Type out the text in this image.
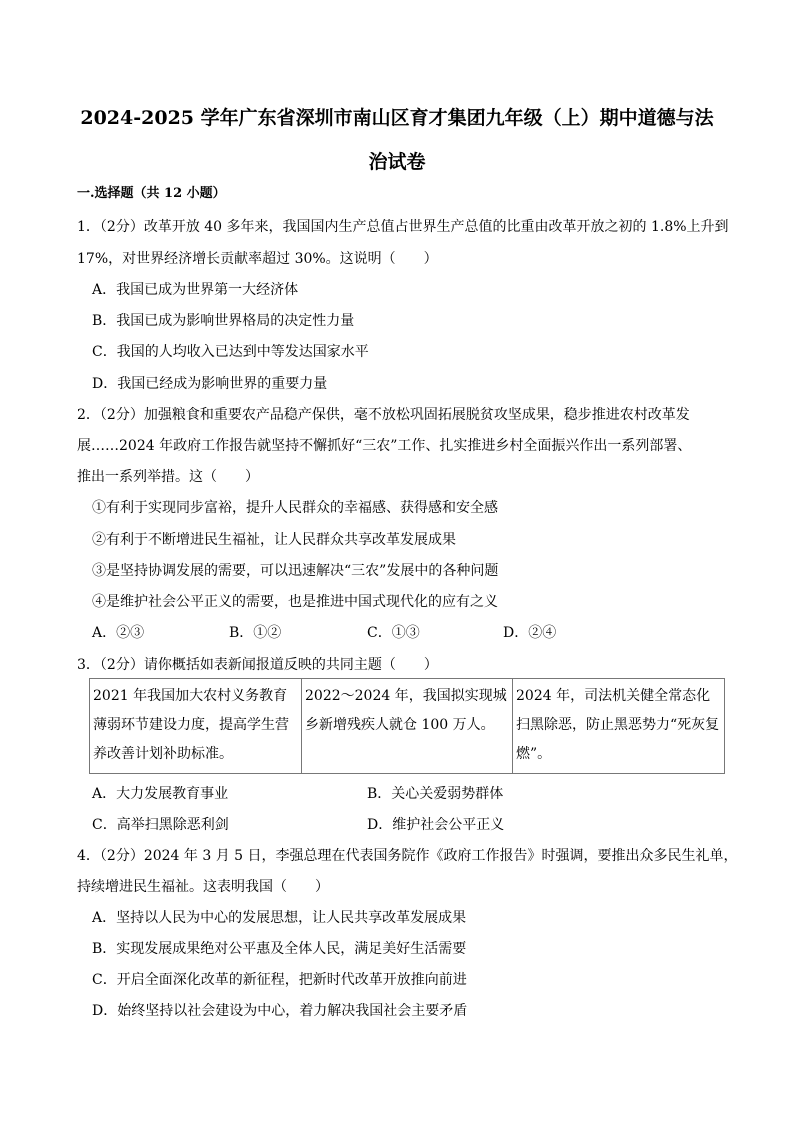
2024-2025 学年广东省深圳市南山区育才集团九年级（上）期中道德与法
治试卷
一.选择题（共 12 小题）
1．（2分）改革开放 40 多年来，我国国内生产总值占世界生产总值的比重由改革开放之初的 1.8%上升到
17%，对世界经济增长贡献率超过 30%。这说明（　　）
A．我国已成为世界第一大经济体
B．我国已成为影响世界格局的决定性力量
C．我国的人均收入已达到中等发达国家水平
D．我国已经成为影响世界的重要力量
2．（2分）加强粮食和重要农产品稳产保供，毫不放松巩固拓展脱贫攻坚成果，稳步推进农村改革发
展……2024 年政府工作报告就坚持不懈抓好“三农”工作、扎实推进乡村全面振兴作出一系列部署、
推出一系列举措。这（　　）
①有利于实现同步富裕，提升人民群众的幸福感、获得感和安全感
②有利于不断增进民生福祉，让人民群众共享改革发展成果
③是坚持协调发展的需要，可以迅速解决“三农”发展中的各种问题
④是维护社会公平正义的需要，也是推进中国式现代化的应有之义
A．②③	B．①②	C．①③	D．②④
3．（2分）请你概括如表新闻报道反映的共同主题（　　）
2021 年我国加大农村义务教育薄弱环节建设力度，提高学生营养改善计划补助标准。	2022～2024 年，我国拟实现城乡新增残疾人就仓 100 万人。	2024 年，司法机关健全常态化扫黑除恶，防止黑恶势力“死灰复燃”。
A．大力发展教育事业	B．关心关爱弱势群体
C．高举扫黑除恶利剑	D．维护社会公平正义
4．（2分）2024 年 3 月 5 日，李强总理在代表国务院作《政府工作报告》时强调，要推出众多民生礼单，
持续增进民生福祉。这表明我国（　　）
A．坚持以人民为中心的发展思想，让人民共享改革发展成果
B．实现发展成果绝对公平惠及全体人民，满足美好生活需要
C．开启全面深化改革的新征程，把新时代改革开放推向前进
D．始终坚持以社会建设为中心，着力解决我国社会主要矛盾
